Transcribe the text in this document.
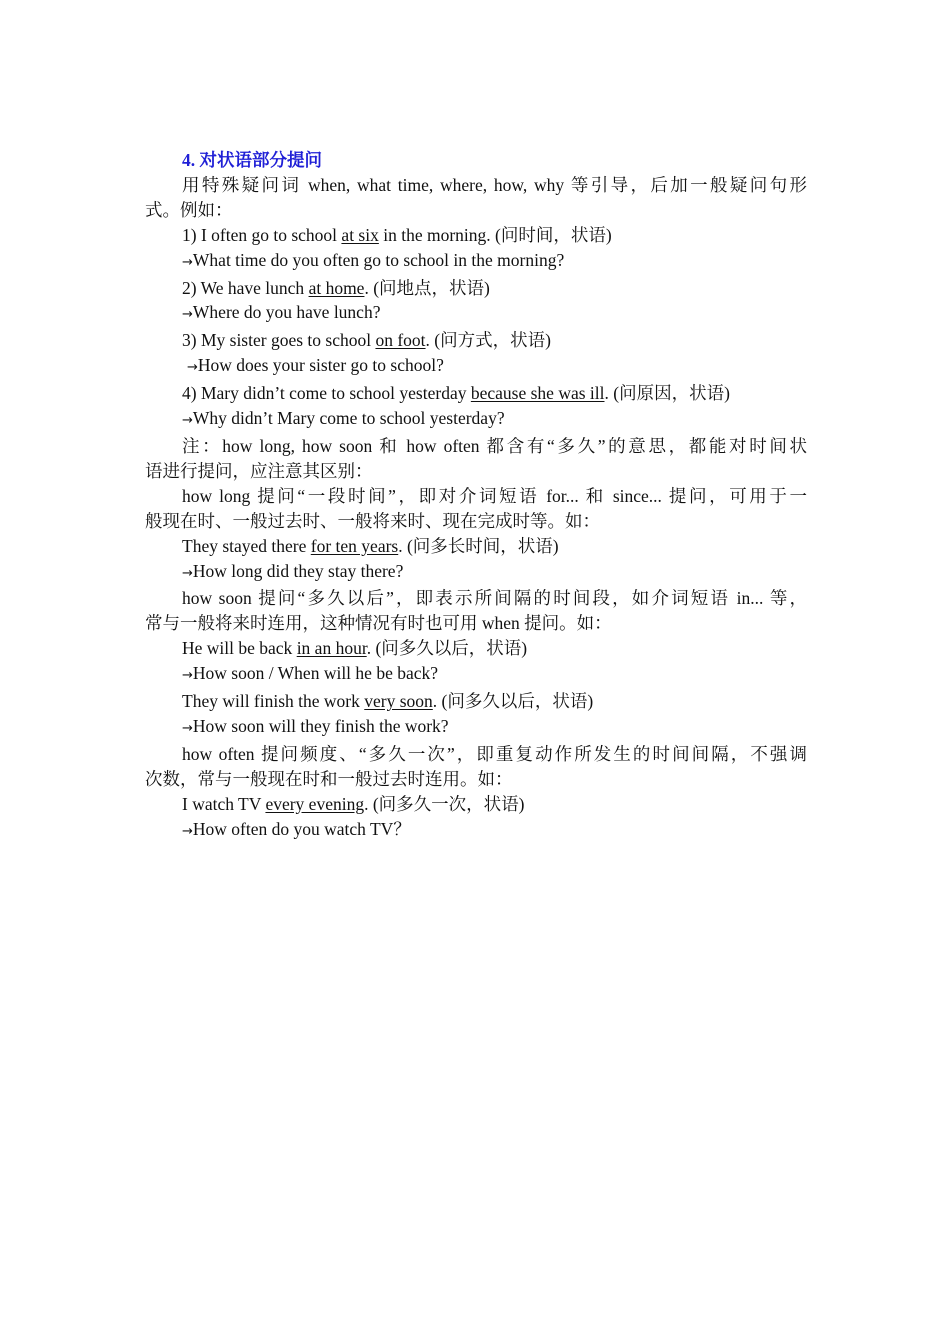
4. 对状语部分提问
用特殊疑问词 when, what time, where, how, why 等引导，后加一般疑问句形
式。例如：
1) I often go to school at six in the morning. (问时间，状语)
→What time do you often go to school in the morning?
2) We have lunch at home. (问地点，状语)
→Where do you have lunch?
3) My sister goes to school on foot. (问方式，状语)
→How does your sister go to school?
4) Mary didn’t come to school yesterday because she was ill. (问原因，状语)
→Why didn’t Mary come to school yesterday?
注：how long, how soon 和 how often 都含有“多久”的意思，都能对时间状
语进行提问，应注意其区别：
how long 提问“一段时间”，即对介词短语 for... 和 since... 提问，可用于一
般现在时、一般过去时、一般将来时、现在完成时等。如：
They stayed there for ten years. (问多长时间，状语)
→How long did they stay there?
how soon 提问“多久以后”，即表示所间隔的时间段，如介词短语 in... 等，
常与一般将来时连用，这种情况有时也可用 when 提问。如：
He will be back in an hour. (问多久以后，状语)
→How soon / When will he be back?
They will finish the work very soon. (问多久以后，状语)
→How soon will they finish the work?
how often 提问频度、“多久一次”，即重复动作所发生的时间间隔，不强调
次数，常与一般现在时和一般过去时连用。如：
I watch TV every evening. (问多久一次，状语)
→How often do you watch TV？
